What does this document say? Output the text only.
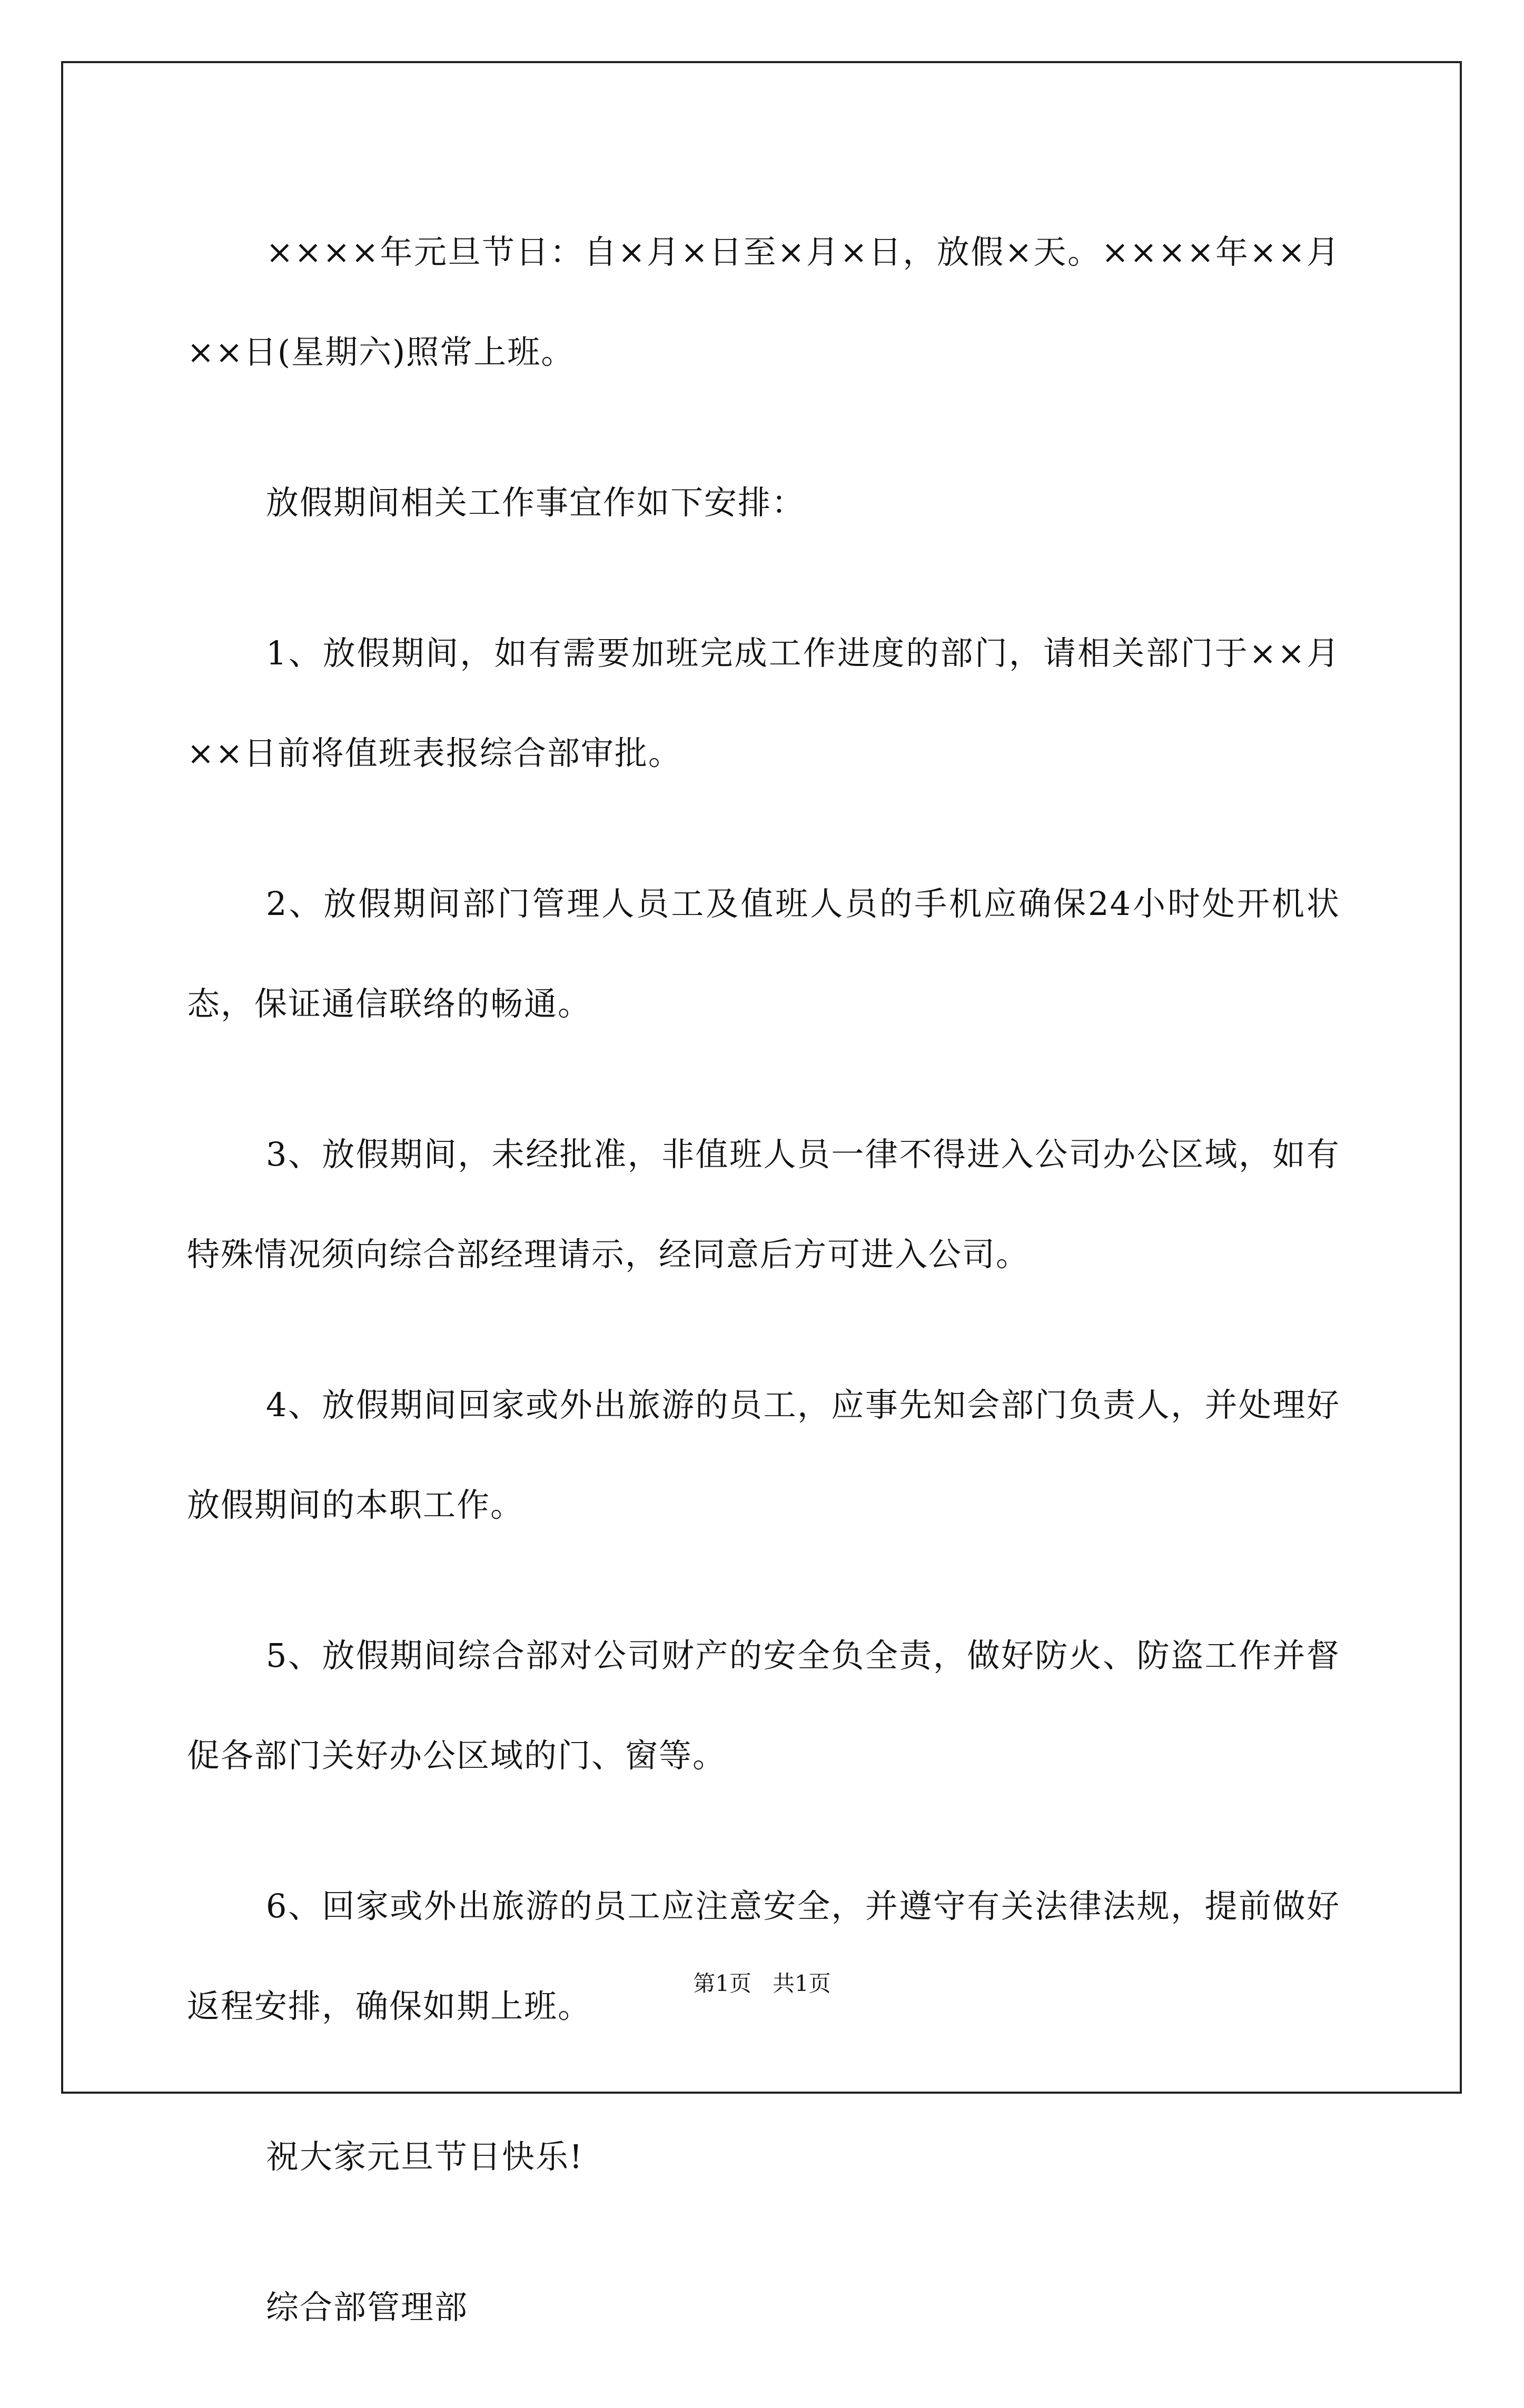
××××年元旦节日：自×月×日至×月×日，放假×天。××××年××月××日(星期六)照常上班。

放假期间相关工作事宜作如下安排：

1、放假期间，如有需要加班完成工作进度的部门，请相关部门于××月××日前将值班表报综合部审批。

2、放假期间部门管理人员工及值班人员的手机应确保24小时处开机状态，保证通信联络的畅通。

3、放假期间，未经批准，非值班人员一律不得进入公司办公区域，如有特殊情况须向综合部经理请示，经同意后方可进入公司。

4、放假期间回家或外出旅游的员工，应事先知会部门负责人，并处理好放假期间的本职工作。

5、放假期间综合部对公司财产的安全负全责，做好防火、防盗工作并督促各部门关好办公区域的门、窗等。

6、回家或外出旅游的员工应注意安全，并遵守有关法律法规，提前做好返程安排，确保如期上班。

祝大家元旦节日快乐!

综合部管理部

第1页 共1页
